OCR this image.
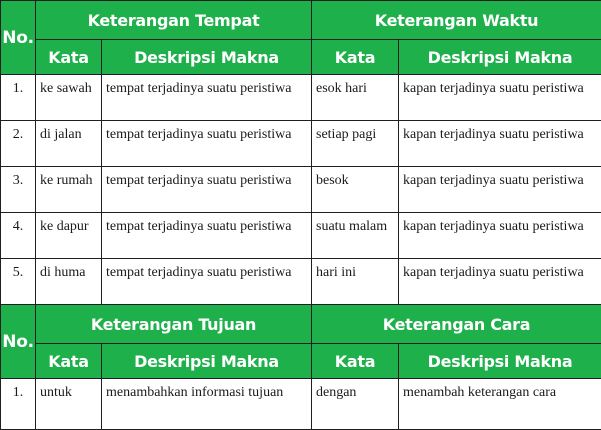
No.	Keterangan Tempat		Keterangan Waktu	
	Kata	Deskripsi Makna	Kata	Deskripsi Makna
1.	ke sawah	tempat terjadinya suatu peristiwa	esok hari	kapan terjadinya suatu peristiwa
2.	di jalan	tempat terjadinya suatu peristiwa	setiap pagi	kapan terjadinya suatu peristiwa
3.	ke rumah	tempat terjadinya suatu peristiwa	besok	kapan terjadinya suatu peristiwa
4.	ke dapur	tempat terjadinya suatu peristiwa	suatu malam	kapan terjadinya suatu peristiwa
5.	di huma	tempat terjadinya suatu peristiwa	hari ini	kapan terjadinya suatu peristiwa
No.	Keterangan Tujuan		Keterangan Cara	
	Kata	Deskripsi Makna	Kata	Deskripsi Makna
1.	untuk	menambahkan informasi tujuan	dengan	menambah keterangan cara
